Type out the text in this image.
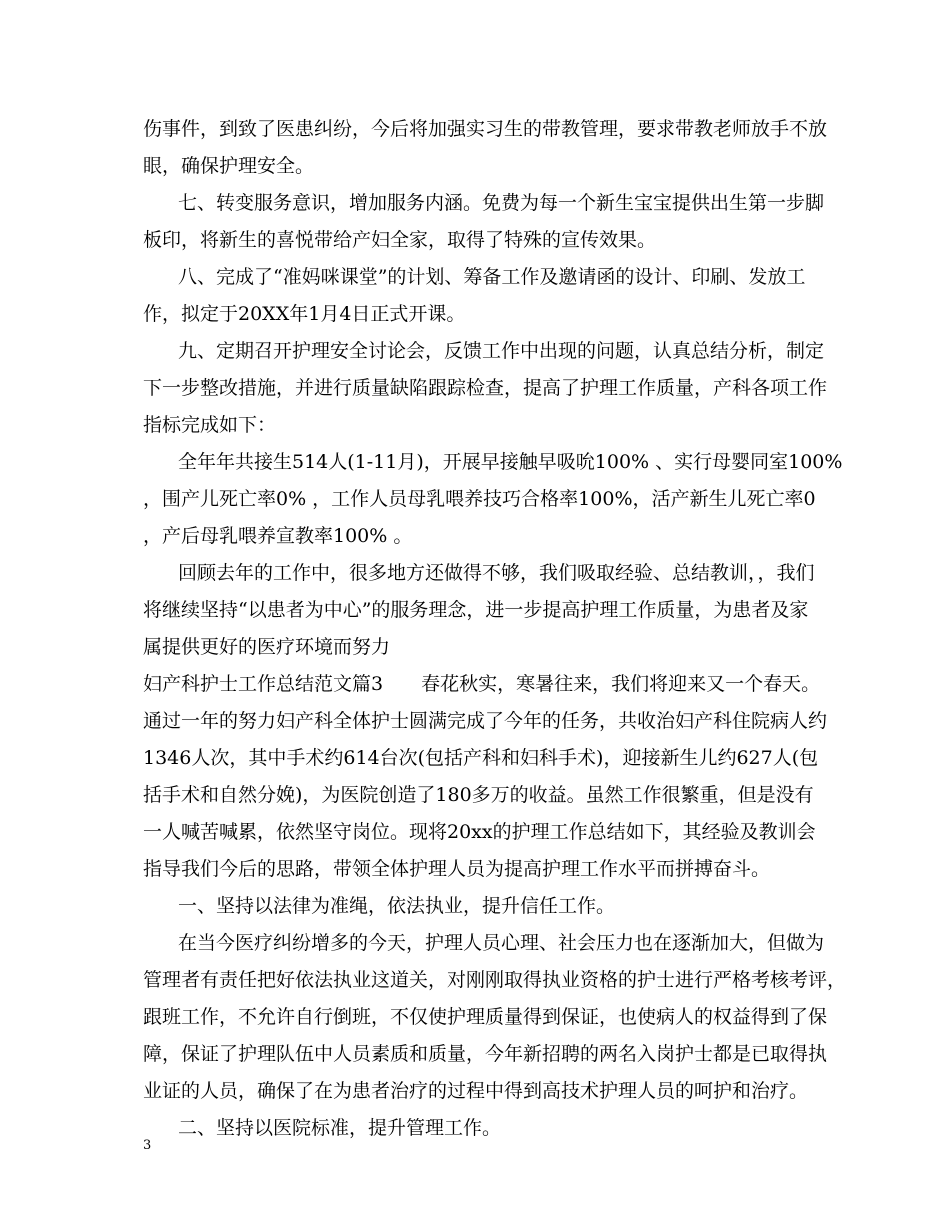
伤事件，到致了医患纠纷，今后将加强实习生的带教管理，要求带教老师放手不放
眼，确保护理安全。
七、转变服务意识，增加服务内涵。免费为每一个新生宝宝提供出生第一步脚
板印，将新生的喜悦带给产妇全家，取得了特殊的宣传效果。
八、完成了“准妈咪课堂”的计划、筹备工作及邀请函的设计、印刷、发放工
作，拟定于20XX年1月4日正式开课。
九、定期召开护理安全讨论会，反馈工作中出现的问题，认真总结分析，制定
下一步整改措施，并进行质量缺陷跟踪检查，提高了护理工作质量，产科各项工作
指标完成如下：
全年年共接生514人(1-11月)，开展早接触早吸吮100% 、实行母婴同室100%
，围产儿死亡率0% ，工作人员母乳喂养技巧合格率100%，活产新生儿死亡率0
，产后母乳喂养宣教率100% 。
回顾去年的工作中，很多地方还做得不够，我们吸取经验、总结教训，，我们
将继续坚持“以患者为中心”的服务理念，进一步提高护理工作质量，为患者及家
属提供更好的医疗环境而努力
妇产科护士工作总结范文篇3　　春花秋实，寒暑往来，我们将迎来又一个春天。
通过一年的努力妇产科全体护士圆满完成了今年的任务，共收治妇产科住院病人约
1346人次，其中手术约614台次(包括产科和妇科手术)，迎接新生儿约627人(包
括手术和自然分娩)，为医院创造了180多万的收益。虽然工作很繁重，但是没有
一人喊苦喊累，依然坚守岗位。现将20xx的护理工作总结如下，其经验及教训会
指导我们今后的思路，带领全体护理人员为提高护理工作水平而拼搏奋斗。
一、坚持以法律为准绳，依法执业，提升信任工作。
在当今医疗纠纷增多的今天，护理人员心理、社会压力也在逐渐加大，但做为
管理者有责任把好依法执业这道关，对刚刚取得执业资格的护士进行严格考核考评，
跟班工作，不允许自行倒班，不仅使护理质量得到保证，也使病人的权益得到了保
障，保证了护理队伍中人员素质和质量，今年新招聘的两名入岗护士都是已取得执
业证的人员，确保了在为患者治疗的过程中得到高技术护理人员的呵护和治疗。
二、坚持以医院标准，提升管理工作。
3
